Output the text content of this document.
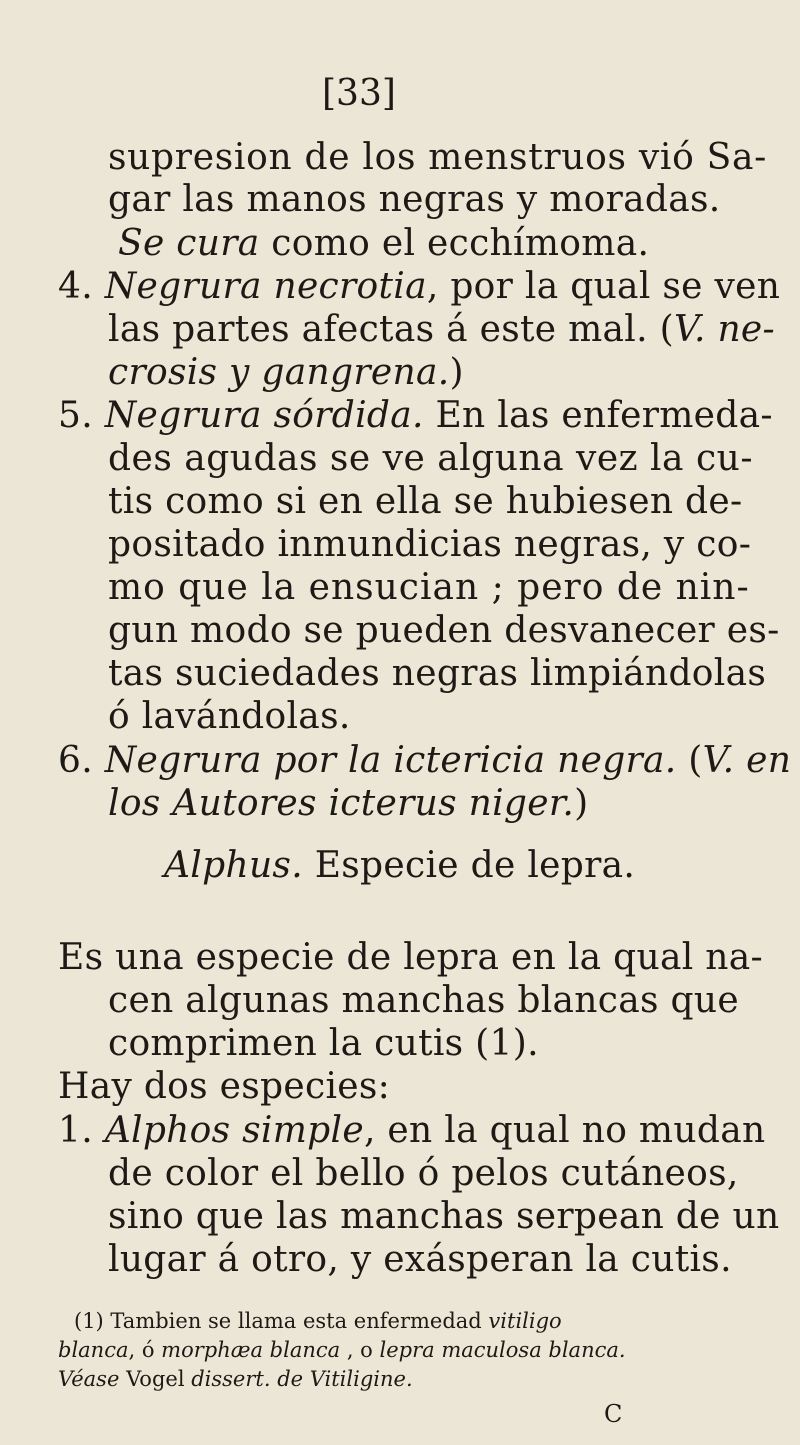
[33]
supresion de los menstruos vió Sa-
gar las manos negras y moradas.
Se cura como el ecchímoma.
4. Negrura necrotia, por la qual se ven
las partes afectas á este mal. (V. ne-
crosis y gangrena.)
5. Negrura sórdida. En las enfermeda-
des agudas se ve alguna vez la cu-
tis como si en ella se hubiesen de-
positado inmundicias negras, y co-
mo que la ensucian ; pero de nin-
gun modo se pueden desvanecer es-
tas suciedades negras limpiándolas
ó lavándolas.
6. Negrura por la ictericia negra. (V. en
los Autores icterus niger.)
Alphus. Especie de lepra.
Es una especie de lepra en la qual na-
cen algunas manchas blancas que
comprimen la cutis (1).
Hay dos especies:
1. Alphos simple, en la qual no mudan
de color el bello ó pelos cutáneos,
sino que las manchas serpean de un
lugar á otro, y exásperan la cutis.
(1) Tambien se llama esta enfermedad vitiligo
blanca, ó morphæa blanca , o lepra maculosa blanca.
Véase Vogel dissert. de Vitiligine.
C
